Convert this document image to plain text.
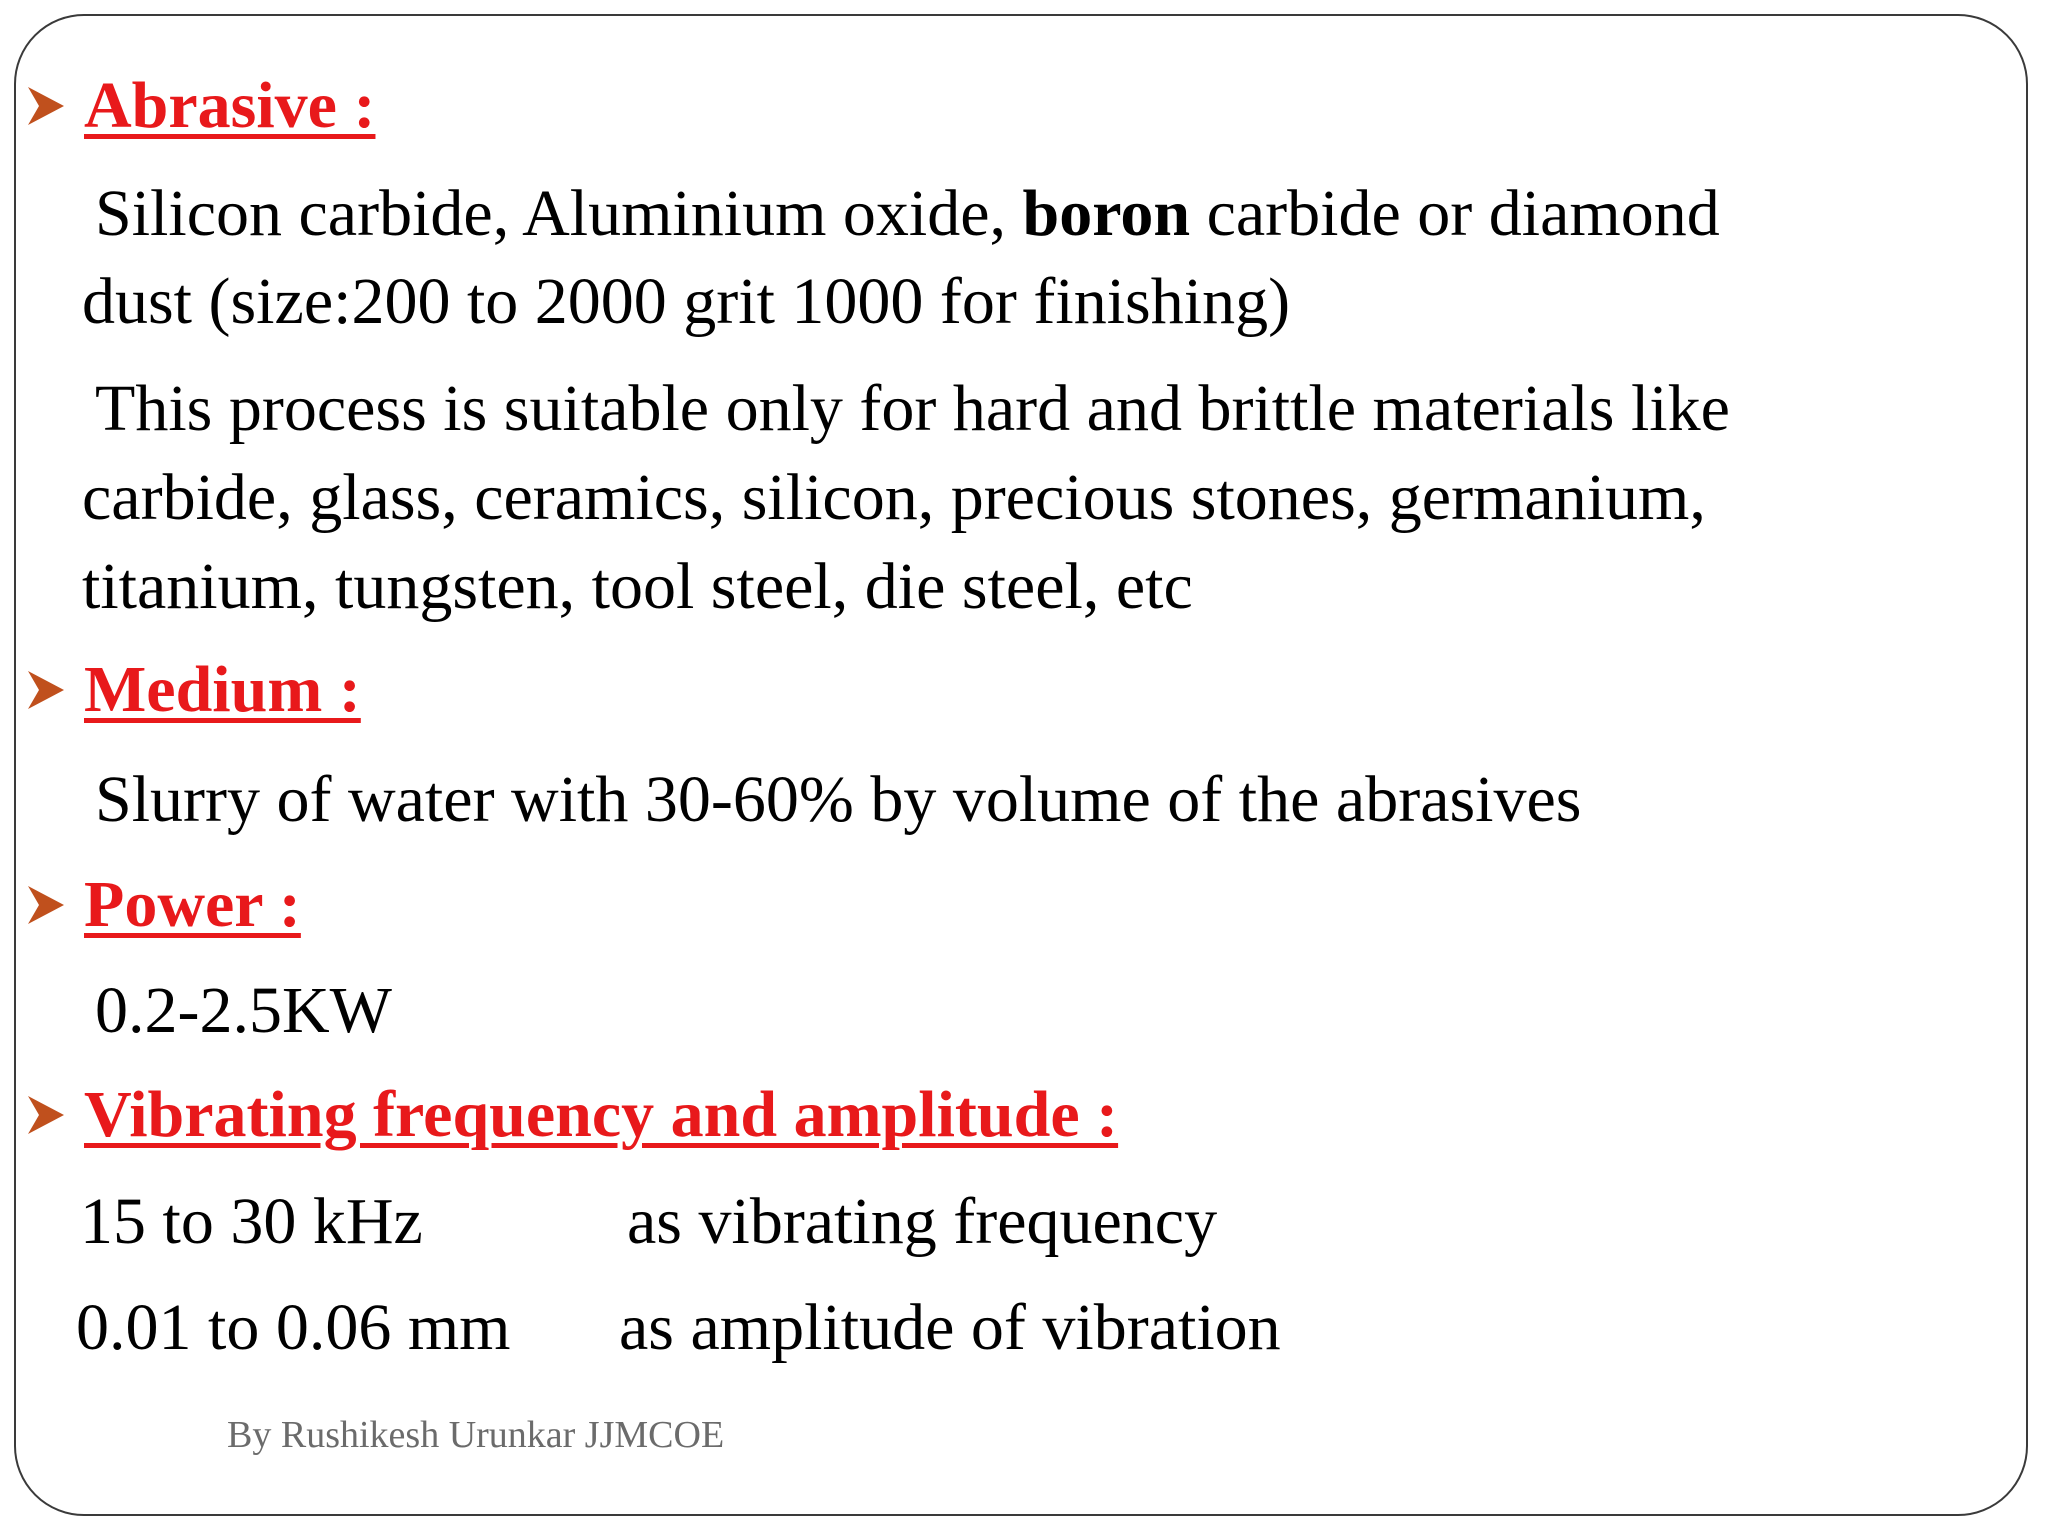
Abrasive :
Silicon carbide, Aluminium oxide, boron carbide or diamond
dust (size:200 to 2000 grit 1000 for finishing)
This process is suitable only for hard and brittle materials like
carbide, glass, ceramics, silicon, precious stones, germanium,
titanium, tungsten, tool steel, die steel, etc
Medium :
Slurry of water with 30-60% by volume of the abrasives
Power :
0.2-2.5KW
Vibrating frequency and amplitude :
15 to 30 kHz	as vibrating frequency
0.01 to 0.06 mm as amplitude of vibration
By Rushikesh Urunkar JJMCOE
